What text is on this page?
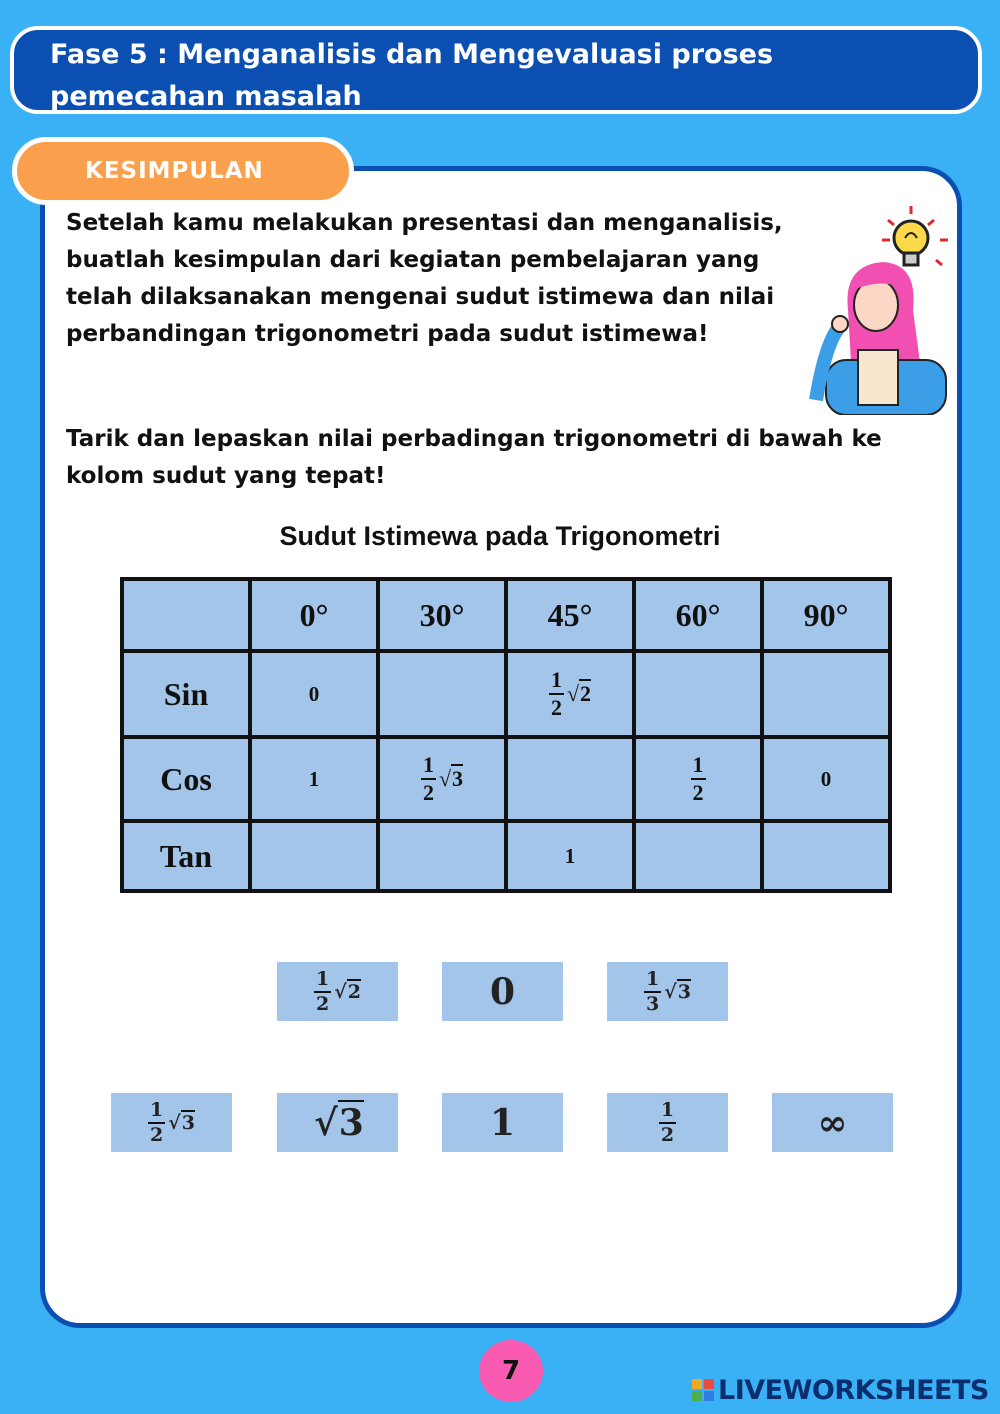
Fase 5 : Menganalisis dan Mengevaluasi proses
pemecahan masalah
KESIMPULAN

Setelah kamu melakukan presentasi dan menganalisis, buatlah kesimpulan dari kegiatan pembelajaran yang telah dilaksanakan mengenai sudut istimewa dan nilai perbandingan trigonometri pada sudut istimewa!

Tarik dan lepaskan nilai perbadingan trigonometri di bawah ke kolom sudut yang tepat!

Sudut Istimewa pada Trigonometri
	0°	30°	45°	60°	90°
Sin	0		$\frac{1}{2} √2$		
Cos	1	$\frac{1}{2} √3$		$\frac{1}{2}$	0
Tan			1		
$\frac{1}{2} √2$	0	$\frac{1}{3} √3$
$\frac{1}{2} √3$	√3	1	$\frac{1}{2}$	∞
7
LIVEWORKSHEETS
